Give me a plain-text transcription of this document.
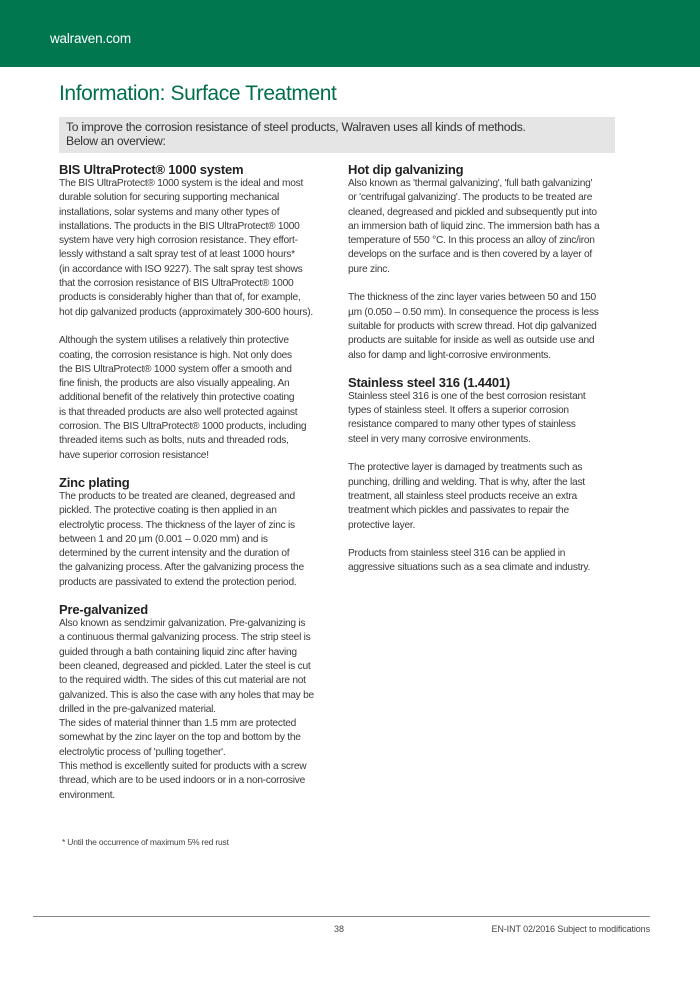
walraven.com
Information: Surface Treatment
To improve the corrosion resistance of steel products, Walraven uses all kinds of methods.
Below an overview:
BIS UltraProtect® 1000 system
The BIS UltraProtect® 1000 system is the ideal and most
durable solution for securing supporting mechanical
installations, solar systems and many other types of
installations. The products in the BIS UltraProtect® 1000
system have very high corrosion resistance. They effort-
lessly withstand a salt spray test of at least 1000 hours*
(in accordance with ISO 9227). The salt spray test shows
that the corrosion resistance of BIS UltraProtect® 1000
products is considerably higher than that of, for example,
hot dip galvanized products (approximately 300-600 hours).
Although the system utilises a relatively thin protective
coating, the corrosion resistance is high. Not only does
the BIS UltraProtect® 1000 system offer a smooth and
fine finish, the products are also visually appealing. An
additional benefit of the relatively thin protective coating
is that threaded products are also well protected against
corrosion. The BIS UltraProtect® 1000 products, including
threaded items such as bolts, nuts and threaded rods,
have superior corrosion resistance!
Zinc plating
The products to be treated are cleaned, degreased and
pickled. The protective coating is then applied in an
electrolytic process. The thickness of the layer of zinc is
between 1 and 20 µm (0.001 – 0.020 mm) and is
determined by the current intensity and the duration of
the galvanizing process. After the galvanizing process the
products are passivated to extend the protection period.
Pre-galvanized
Also known as sendzimir galvanization. Pre-galvanizing is
a continuous thermal galvanizing process. The strip steel is
guided through a bath containing liquid zinc after having
been cleaned, degreased and pickled. Later the steel is cut
to the required width. The sides of this cut material are not
galvanized. This is also the case with any holes that may be
drilled in the pre-galvanized material.
The sides of material thinner than 1.5 mm are protected
somewhat by the zinc layer on the top and bottom by the
electrolytic process of 'pulling together'.
This method is excellently suited for products with a screw
thread, which are to be used indoors or in a non-corrosive
environment.
Hot dip galvanizing
Also known as 'thermal galvanizing', 'full bath galvanizing'
or 'centrifugal galvanizing'. The products to be treated are
cleaned, degreased and pickled and subsequently put into
an immersion bath of liquid zinc. The immersion bath has a
temperature of 550 °C. In this process an alloy of zinc/iron
develops on the surface and is then covered by a layer of
pure zinc.
The thickness of the zinc layer varies between 50 and 150
µm (0.050 – 0.50 mm). In consequence the process is less
suitable for products with screw thread. Hot dip galvanized
products are suitable for inside as well as outside use and
also for damp and light-corrosive environments.
Stainless steel 316 (1.4401)
Stainless steel 316 is one of the best corrosion resistant
types of stainless steel. It offers a superior corrosion
resistance compared to many other types of stainless
steel in very many corrosive environments.
The protective layer is damaged by treatments such as
punching, drilling and welding. That is why, after the last
treatment, all stainless steel products receive an extra
treatment which pickles and passivates to repair the
protective layer.
Products from stainless steel 316 can be applied in
aggressive situations such as a sea climate and industry.
* Until the occurrence of maximum 5% red rust
38	EN-INT 02/2016 Subject to modifications
